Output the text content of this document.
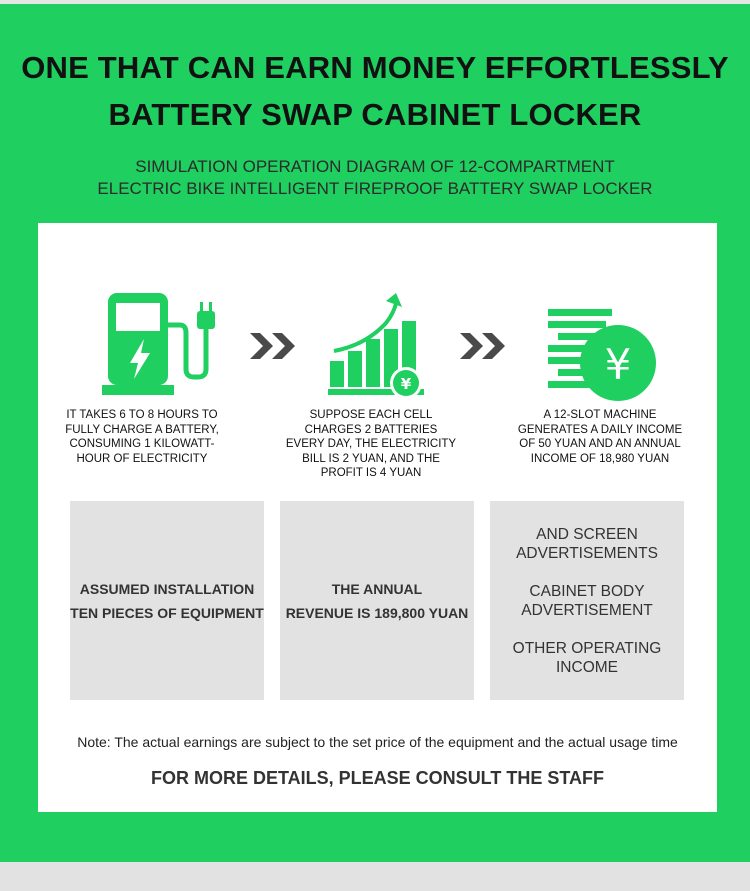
ONE THAT CAN EARN MONEY EFFORTLESSLY
BATTERY SWAP CABINET LOCKER
SIMULATION OPERATION DIAGRAM OF 12-COMPARTMENT
ELECTRIC BIKE INTELLIGENT FIREPROOF BATTERY SWAP LOCKER
¥	¥
IT TAKES 6 TO 8 HOURS TO FULLY CHARGE A BATTERY, CONSUMING 1 KILOWATT-HOUR OF ELECTRICITY
SUPPOSE EACH CELL CHARGES 2 BATTERIES EVERY DAY, THE ELECTRICITY BILL IS 2 YUAN, AND THE PROFIT IS 4 YUAN
A 12-SLOT MACHINE GENERATES A DAILY INCOME OF 50 YUAN AND AN ANNUAL INCOME OF 18,980 YUAN
ASSUMED INSTALLATION
TEN PIECES OF EQUIPMENT
THE ANNUAL
REVENUE IS 189,800 YUAN
AND SCREEN ADVERTISEMENTS
CABINET BODY ADVERTISEMENT
OTHER OPERATING INCOME
Note: The actual earnings are subject to the set price of the equipment and the actual usage time
FOR MORE DETAILS, PLEASE CONSULT THE STAFF
